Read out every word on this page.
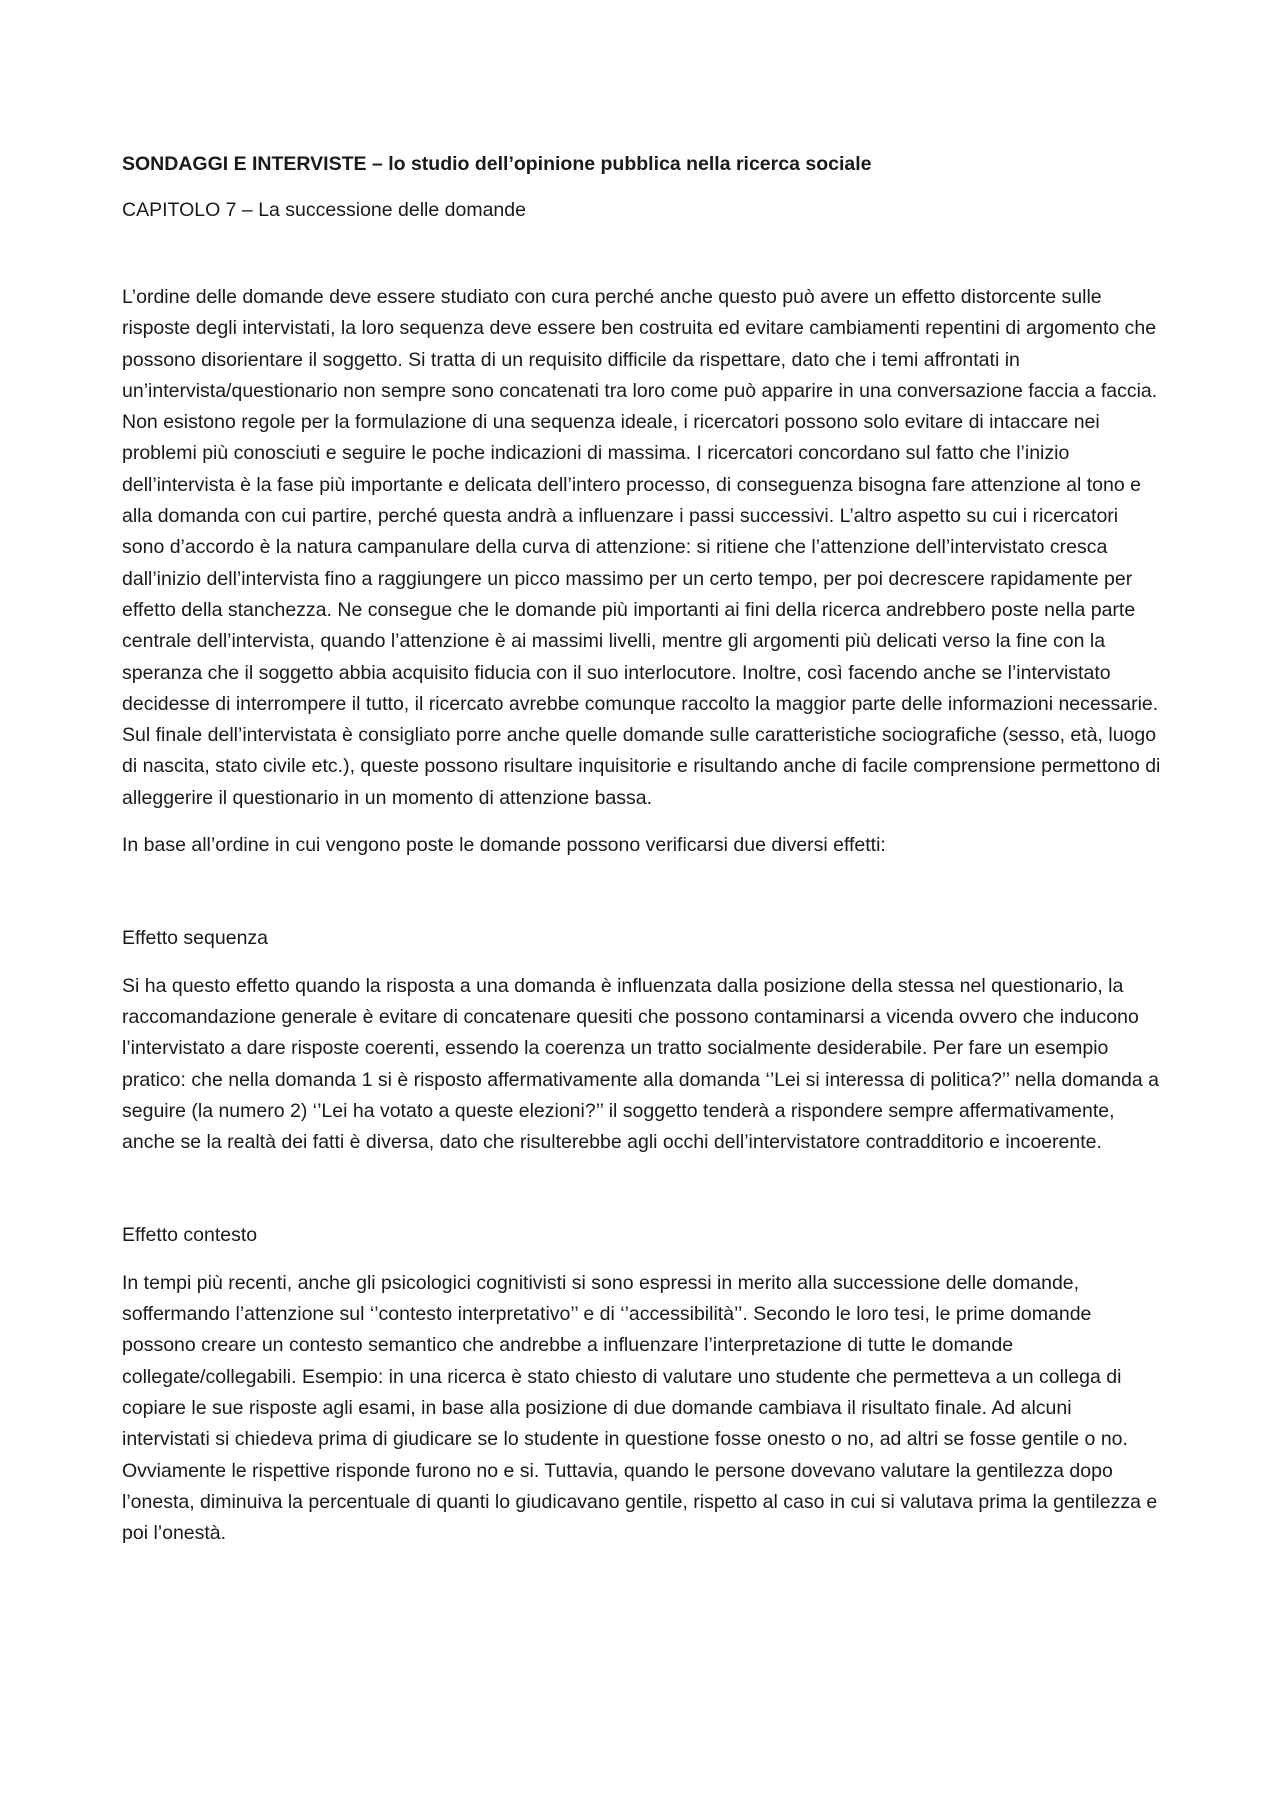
SONDAGGI E INTERVISTE – lo studio dell’opinione pubblica nella ricerca sociale
CAPITOLO 7 – La successione delle domande

L’ordine delle domande deve essere studiato con cura perché anche questo può avere un effetto distorcente sulle risposte degli intervistati, la loro sequenza deve essere ben costruita ed evitare cambiamenti repentini di argomento che possono disorientare il soggetto. Si tratta di un requisito difficile da rispettare, dato che i temi affrontati in un’intervista/questionario non sempre sono concatenati tra loro come può apparire in una conversazione faccia a faccia. Non esistono regole per la formulazione di una sequenza ideale, i ricercatori possono solo evitare di intaccare nei problemi più conosciuti e seguire le poche indicazioni di massima. I ricercatori concordano sul fatto che l’inizio dell’intervista è la fase più importante e delicata dell’intero processo, di conseguenza bisogna fare attenzione al tono e alla domanda con cui partire, perché questa andrà a influenzare i passi successivi. L’altro aspetto su cui i ricercatori sono d’accordo è la natura campanulare della curva di attenzione: si ritiene che l’attenzione dell’intervistato cresca dall’inizio dell’intervista fino a raggiungere un picco massimo per un certo tempo, per poi decrescere rapidamente per effetto della stanchezza. Ne consegue che le domande più importanti ai fini della ricerca andrebbero poste nella parte centrale dell’intervista, quando l’attenzione è ai massimi livelli, mentre gli argomenti più delicati verso la fine con la speranza che il soggetto abbia acquisito fiducia con il suo interlocutore. Inoltre, così facendo anche se l’intervistato decidesse di interrompere il tutto, il ricercato avrebbe comunque raccolto la maggior parte delle informazioni necessarie. Sul finale dell’intervistata è consigliato porre anche quelle domande sulle caratteristiche sociografiche (sesso, età, luogo di nascita, stato civile etc.), queste possono risultare inquisitorie e risultando anche di facile comprensione permettono di alleggerire il questionario in un momento di attenzione bassa.

In base all’ordine in cui vengono poste le domande possono verificarsi due diversi effetti:

Effetto sequenza

Si ha questo effetto quando la risposta a una domanda è influenzata dalla posizione della stessa nel questionario, la raccomandazione generale è evitare di concatenare quesiti che possono contaminarsi a vicenda ovvero che inducono l’intervistato a dare risposte coerenti, essendo la coerenza un tratto socialmente desiderabile. Per fare un esempio pratico: che nella domanda 1 si è risposto affermativamente alla domanda ‘’Lei si interessa di politica?’’ nella domanda a seguire (la numero 2) ‘’Lei ha votato a queste elezioni?’’ il soggetto tenderà a rispondere sempre affermativamente, anche se la realtà dei fatti è diversa, dato che risulterebbe agli occhi dell’intervistatore contradditorio e incoerente.

Effetto contesto

In tempi più recenti, anche gli psicologici cognitivisti si sono espressi in merito alla successione delle domande, soffermando l’attenzione sul ‘’contesto interpretativo’’ e di ‘’accessibilità’’. Secondo le loro tesi, le prime domande possono creare un contesto semantico che andrebbe a influenzare l’interpretazione di tutte le domande collegate/collegabili. Esempio: in una ricerca è stato chiesto di valutare uno studente che permetteva a un collega di copiare le sue risposte agli esami, in base alla posizione di due domande cambiava il risultato finale. Ad alcuni intervistati si chiedeva prima di giudicare se lo studente in questione fosse onesto o no, ad altri se fosse gentile o no. Ovviamente le rispettive risponde furono no e si. Tuttavia, quando le persone dovevano valutare la gentilezza dopo l’onesta, diminuiva la percentuale di quanti lo giudicavano gentile, rispetto al caso in cui si valutava prima la gentilezza e poi l’onestà.
